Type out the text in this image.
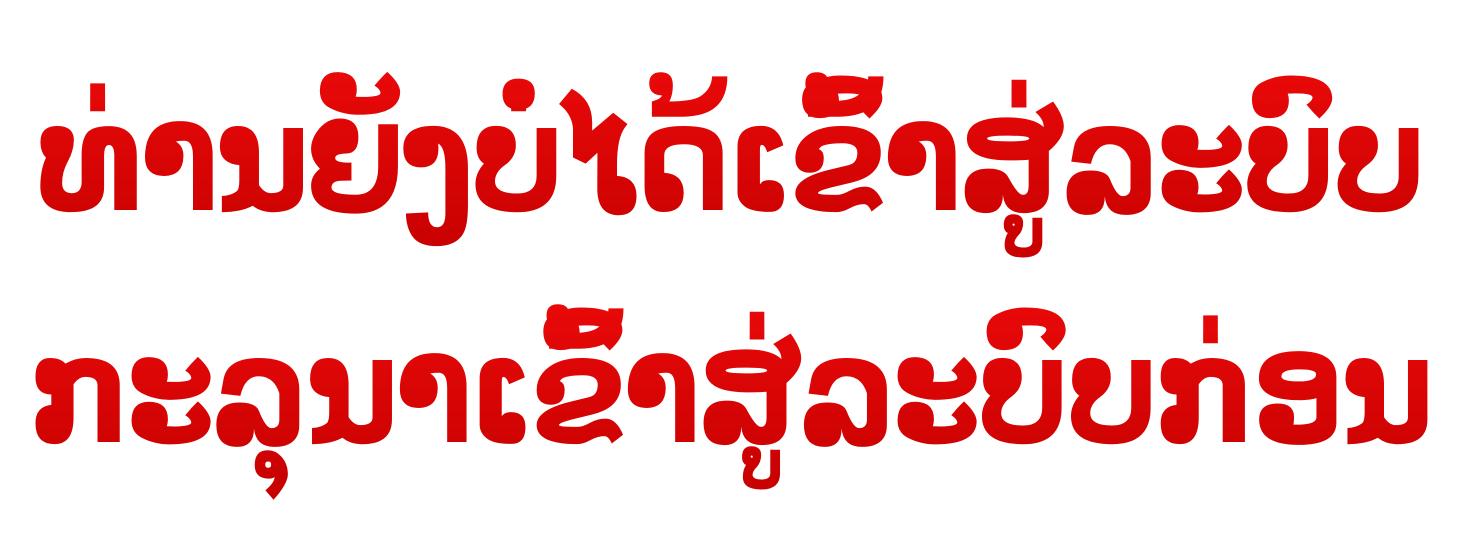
ທ່ານຍັງບໍ່ໄດ້ເຂົ້າສູ່ລະບົບ
ກະລຸນາເຂົ້າສູ່ລະບົບກ່ອນ
